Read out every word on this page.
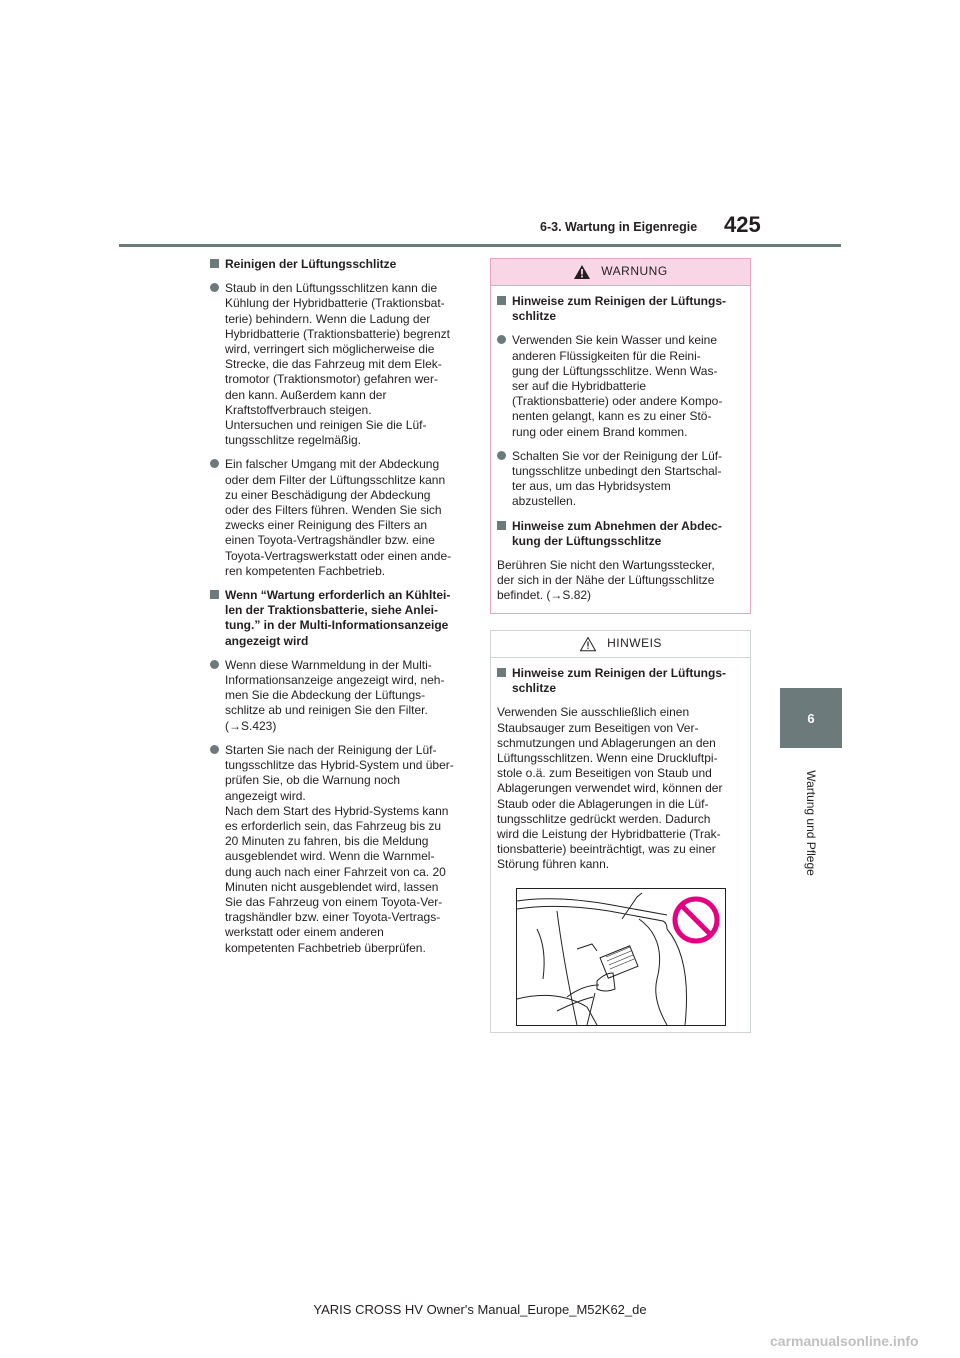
6-3. Wartung in Eigenregie 425
6
Wartung und Pflege
Reinigen der Lüftungsschlitze
Staub in den Lüftungsschlitzen kann die
Kühlung der Hybridbatterie (Traktionsbat-
terie) behindern. Wenn die Ladung der
Hybridbatterie (Traktionsbatterie) begrenzt
wird, verringert sich möglicherweise die
Strecke, die das Fahrzeug mit dem Elek-
tromotor (Traktionsmotor) gefahren wer-
den kann. Außerdem kann der
Kraftstoffverbrauch steigen.
Untersuchen und reinigen Sie die Lüf-
tungsschlitze regelmäßig.
Ein falscher Umgang mit der Abdeckung
oder dem Filter der Lüftungsschlitze kann
zu einer Beschädigung der Abdeckung
oder des Filters führen. Wenden Sie sich
zwecks einer Reinigung des Filters an
einen Toyota-Vertragshändler bzw. eine
Toyota-Vertragswerkstatt oder einen ande-
ren kompetenten Fachbetrieb.
Wenn “Wartung erforderlich an Kühltei-
len der Traktionsbatterie, siehe Anlei-
tung.” in der Multi-Informationsanzeige
angezeigt wird
Wenn diese Warnmeldung in der Multi-
Informationsanzeige angezeigt wird, neh-
men Sie die Abdeckung der Lüftungs-
schlitze ab und reinigen Sie den Filter.
(→S.423)
Starten Sie nach der Reinigung der Lüf-
tungsschlitze das Hybrid-System und über-
prüfen Sie, ob die Warnung noch
angezeigt wird.
Nach dem Start des Hybrid-Systems kann
es erforderlich sein, das Fahrzeug bis zu
20 Minuten zu fahren, bis die Meldung
ausgeblendet wird. Wenn die Warnmel-
dung auch nach einer Fahrzeit von ca. 20
Minuten nicht ausgeblendet wird, lassen
Sie das Fahrzeug von einem Toyota-Ver-
tragshändler bzw. einer Toyota-Vertrags-
werkstatt oder einem anderen
kompetenten Fachbetrieb überprüfen.
WARNUNG
Hinweise zum Reinigen der Lüftungs-
schlitze
Verwenden Sie kein Wasser und keine
anderen Flüssigkeiten für die Reini-
gung der Lüftungsschlitze. Wenn Was-
ser auf die Hybridbatterie
(Traktionsbatterie) oder andere Kompo-
nenten gelangt, kann es zu einer Stö-
rung oder einem Brand kommen.
Schalten Sie vor der Reinigung der Lüf-
tungsschlitze unbedingt den Startschal-
ter aus, um das Hybridsystem
abzustellen.
Hinweise zum Abnehmen der Abdec-
kung der Lüftungsschlitze
Berühren Sie nicht den Wartungsstecker,
der sich in der Nähe der Lüftungsschlitze
befindet. (→S.82)
HINWEIS
Hinweise zum Reinigen der Lüftungs-
schlitze
Verwenden Sie ausschließlich einen
Staubsauger zum Beseitigen von Ver-
schmutzungen und Ablagerungen an den
Lüftungsschlitzen. Wenn eine Druckluftpi-
stole o.ä. zum Beseitigen von Staub und
Ablagerungen verwendet wird, können der
Staub oder die Ablagerungen in die Lüf-
tungsschlitze gedrückt werden. Dadurch
wird die Leistung der Hybridbatterie (Trak-
tionsbatterie) beeinträchtigt, was zu einer
Störung führen kann.
YARIS CROSS HV Owner's Manual_Europe_M52K62_de
carmanualsonline.info
